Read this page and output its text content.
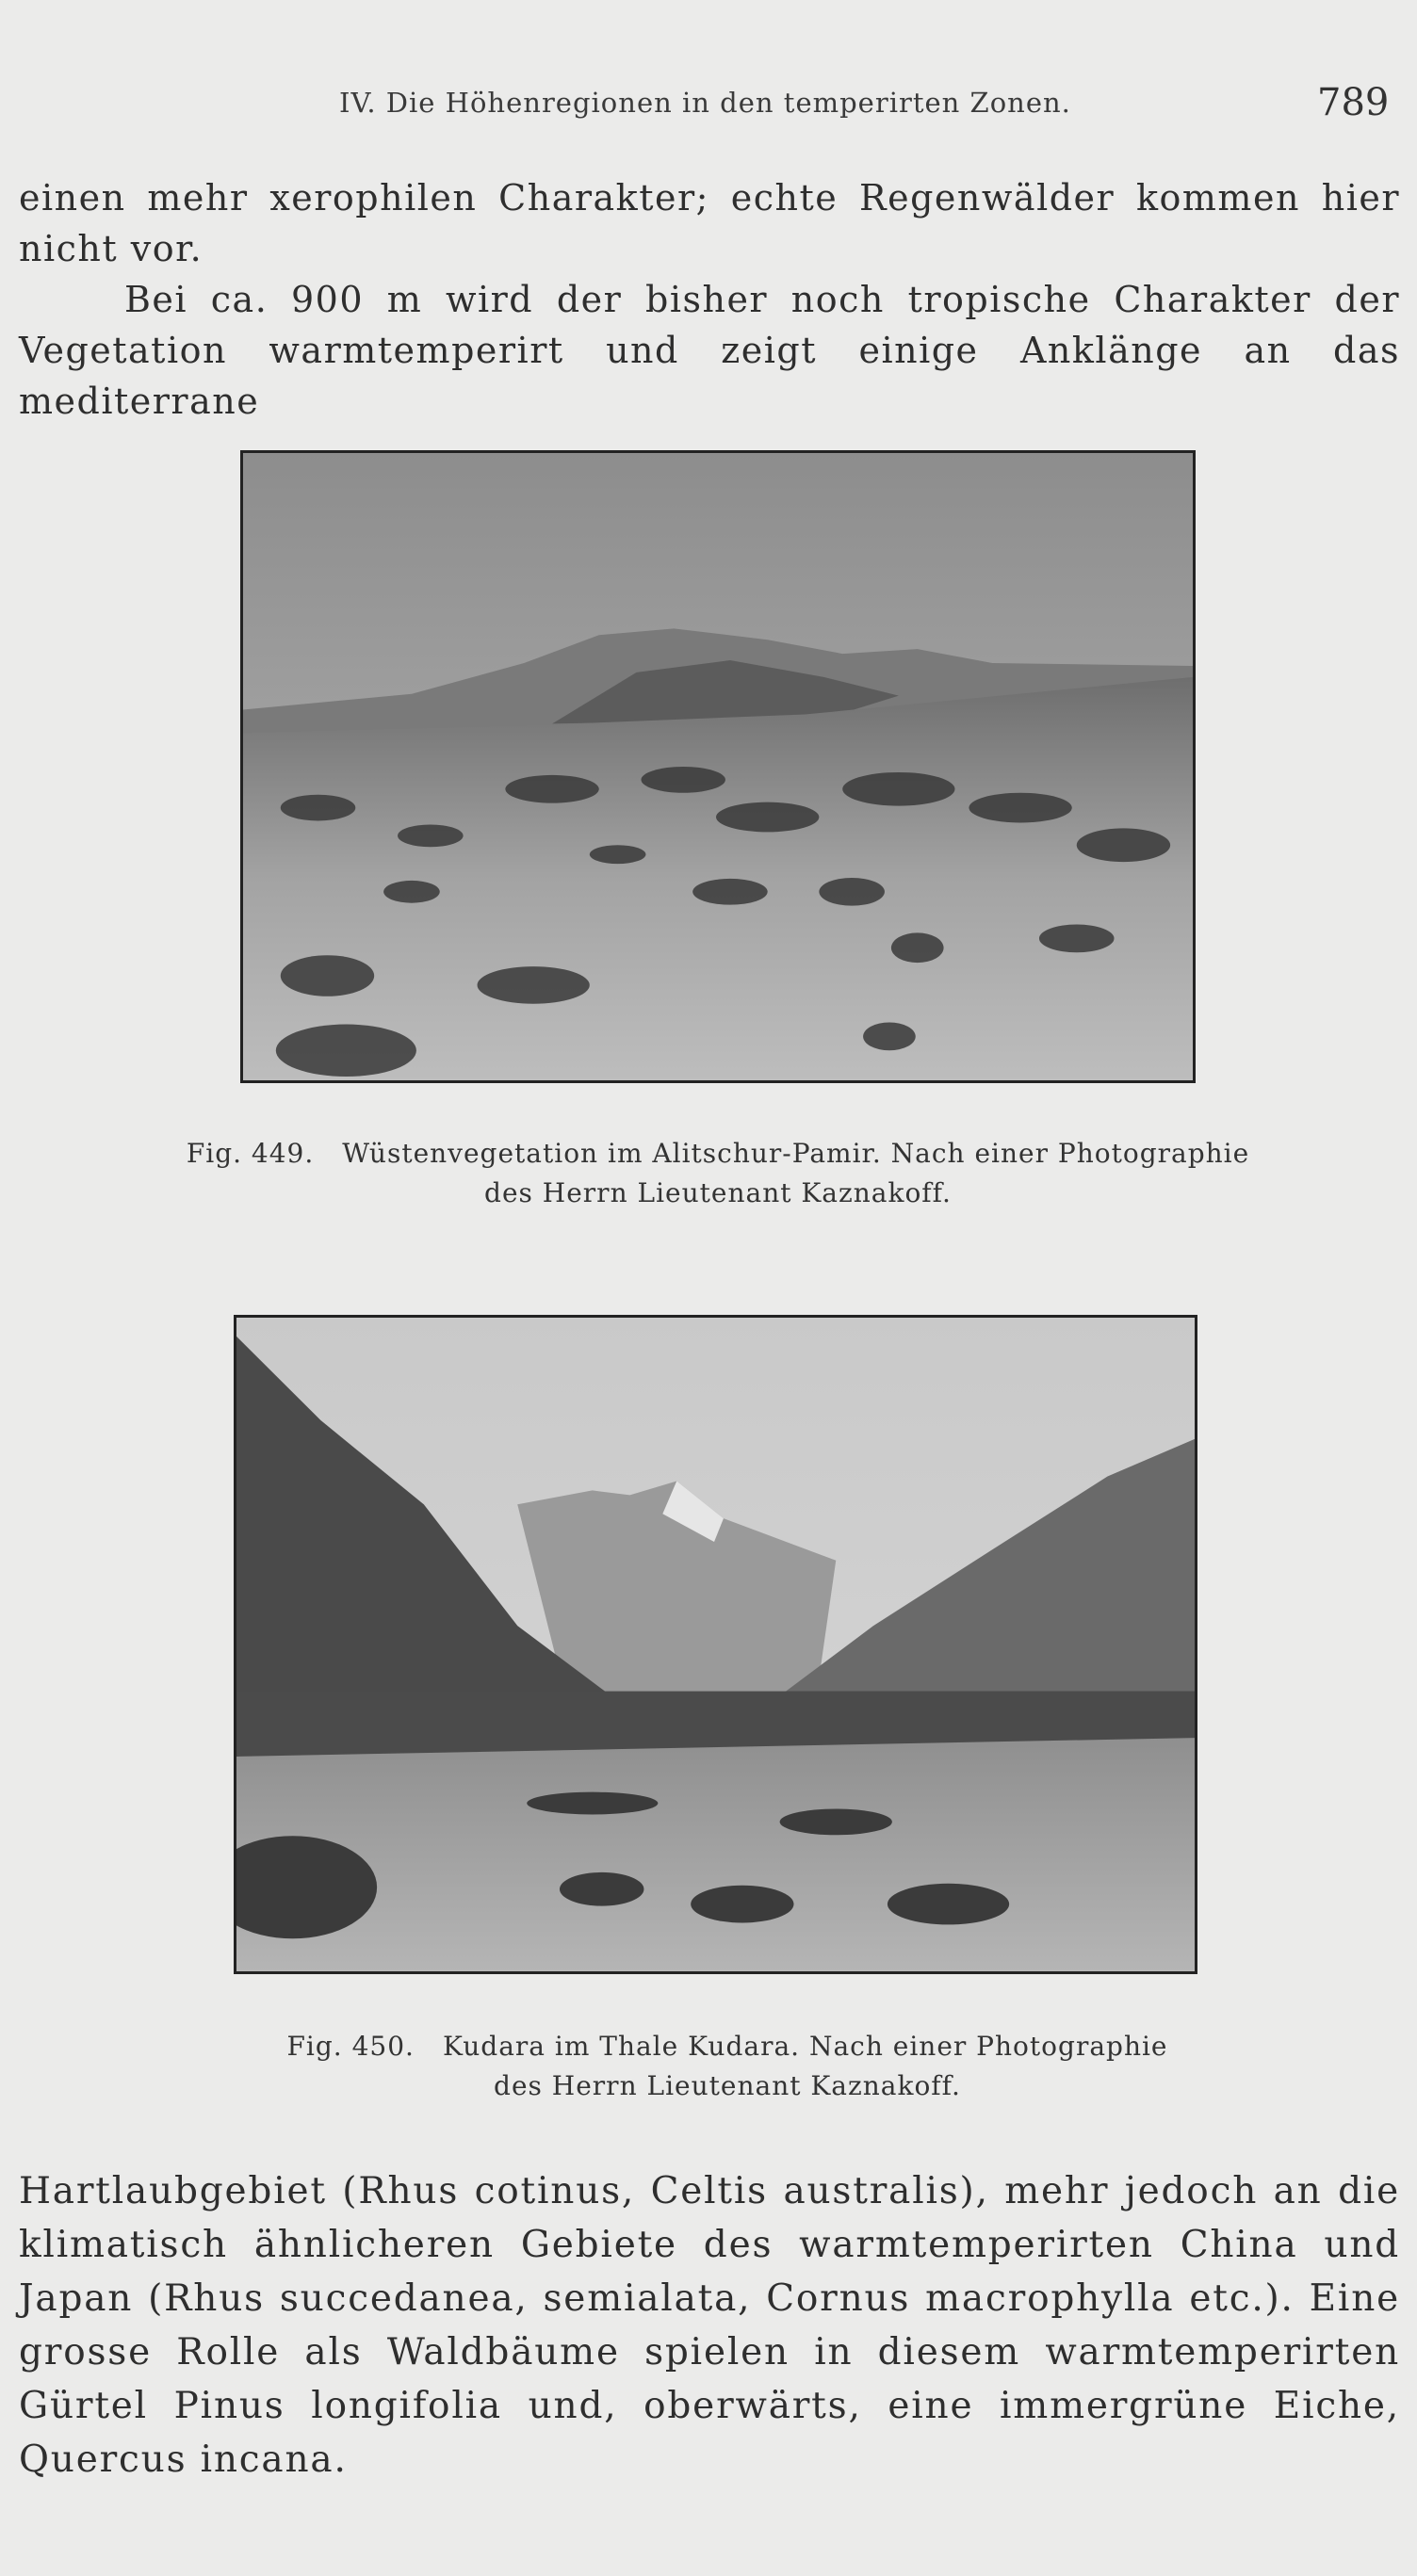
IV. Die Höhenregionen in den temperirten Zonen.	789
einen mehr xerophilen Charakter; echte Regenwälder kommen hier nicht vor.
Bei ca. 900 m wird der bisher noch tropische Charakter der Vegetation warmtemperirt und zeigt einige Anklänge an das mediterrane
Fig. 449. Wüstenvegetation im Alitschur-Pamir. Nach einer Photographie
des Herrn Lieutenant Kaznakoff.
Fig. 450. Kudara im Thale Kudara. Nach einer Photographie
des Herrn Lieutenant Kaznakoff.
Hartlaubgebiet (Rhus cotinus, Celtis australis), mehr jedoch an die klimatisch ähnlicheren Gebiete des warmtemperirten China und Japan (Rhus succedanea, semialata, Cornus macrophylla etc.). Eine grosse Rolle als Waldbäume spielen in diesem warmtemperirten Gürtel Pinus longifolia und, oberwärts, eine immergrüne Eiche, Quercus incana.
